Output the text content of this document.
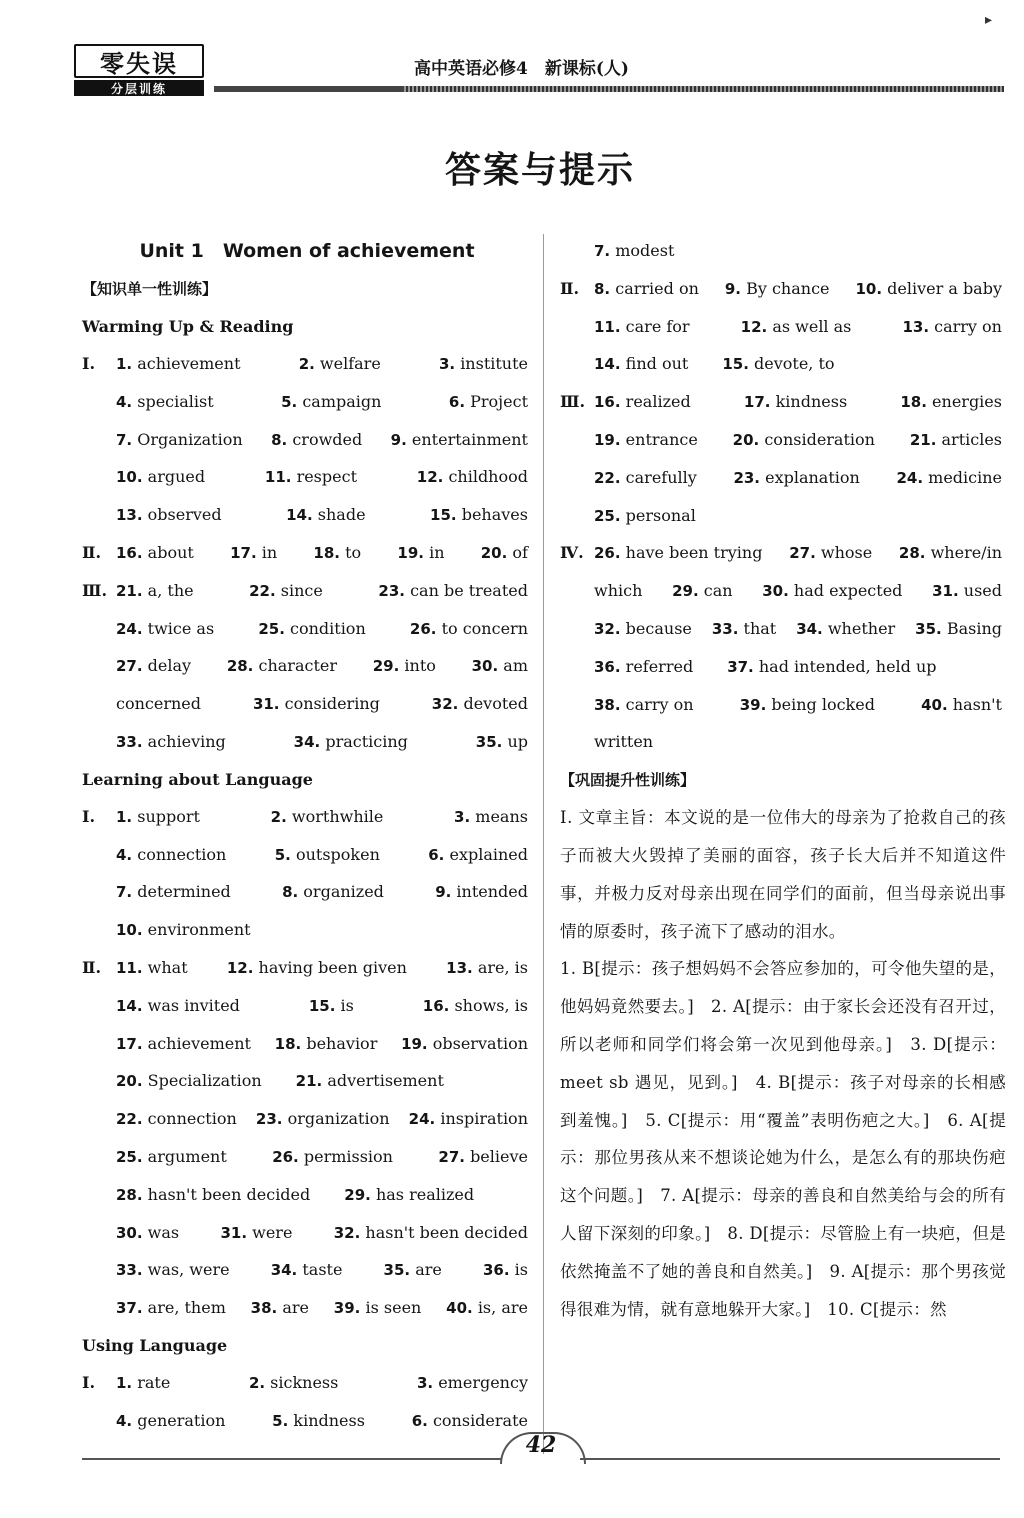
▸
零失误
分层训练
高中英语必修4　新课标(人)
答案与提示
Unit 1　Women of achievement
【知识单一性训练】
Warming Up & Reading
Ⅰ.	1. achievement	2. welfare	3. institute
4. specialist	5. campaign	6. Project
7. Organization 8. crowded 9. entertainment
10. argued	11. respect	12. childhood
13. observed	14. shade	15. behaves
Ⅱ. 16. about 17. in 18. to 19. in 20. of
Ⅲ. 21. a, the	22. since	23. can be treated
24. twice as	25. condition	26. to concern
27. delay 28. character 29. into 30. am
concerned	31. considering	32. devoted
33. achieving	34. practicing	35. up
Learning about Language
Ⅰ.	1. support	2. worthwhile	3. means
4. connection	5. outspoken	6. explained
7. determined	8. organized	9. intended
10. environment
Ⅱ. 11. what	12. having been given	13. are, is
14. was invited	15. is	16. shows, is
17. achievement 18. behavior 19. observation
20. Specialization 21. advertisement
22. connection 23. organization 24. inspiration
25. argument	26. permission	27. believe
28. hasn't been decided 29. has realized
30. was	31. were	32. hasn't been decided
33. was, were	34. taste	35. are	36. is
37. are, them 38. are 39. is seen 40. is, are
Using Language
Ⅰ.	1. rate	2. sickness	3. emergency
4. generation	5. kindness	6. considerate
7. modest
Ⅱ. 8. carried on 9. By chance 10. deliver a baby
11. care for	12. as well as	13. carry on
14. find out 15. devote, to
Ⅲ. 16. realized	17. kindness	18. energies
19. entrance 20. consideration 21. articles
22. carefully 23. explanation 24. medicine
25. personal
Ⅳ. 26. have been trying 27. whose 28. where/in
which 29. can 30. had expected 31. used
32. because 33. that 34. whether 35. Basing
36. referred 37. had intended, held up
38. carry on	39. being locked	40. hasn't
written
【巩固提升性训练】
Ⅰ. 文章主旨：本文说的是一位伟大的母亲为了抢救自己的孩子而被大火毁掉了美丽的面容，孩子长大后并不知道这件事，并极力反对母亲出现在同学们的面前，但当母亲说出事情的原委时，孩子流下了感动的泪水。
1. B[提示：孩子想妈妈不会答应参加的，可令他失望的是，他妈妈竟然要去。]　2. A[提示：由于家长会还没有召开过，所以老师和同学们将会第一次见到他母亲。]　3. D[提示：meet sb 遇见，见到。]　4. B[提示：孩子对母亲的长相感到羞愧。]　5. C[提示：用“覆盖”表明伤疤之大。]　6. A[提示：那位男孩从来不想谈论她为什么，是怎么有的那块伤疤这个问题。]　7. A[提示：母亲的善良和自然美给与会的所有人留下深刻的印象。]　8. D[提示：尽管脸上有一块疤，但是依然掩盖不了她的善良和自然美。]　9. A[提示：那个男孩觉得很难为情，就有意地躲开大家。]　10. C[提示：然
42
